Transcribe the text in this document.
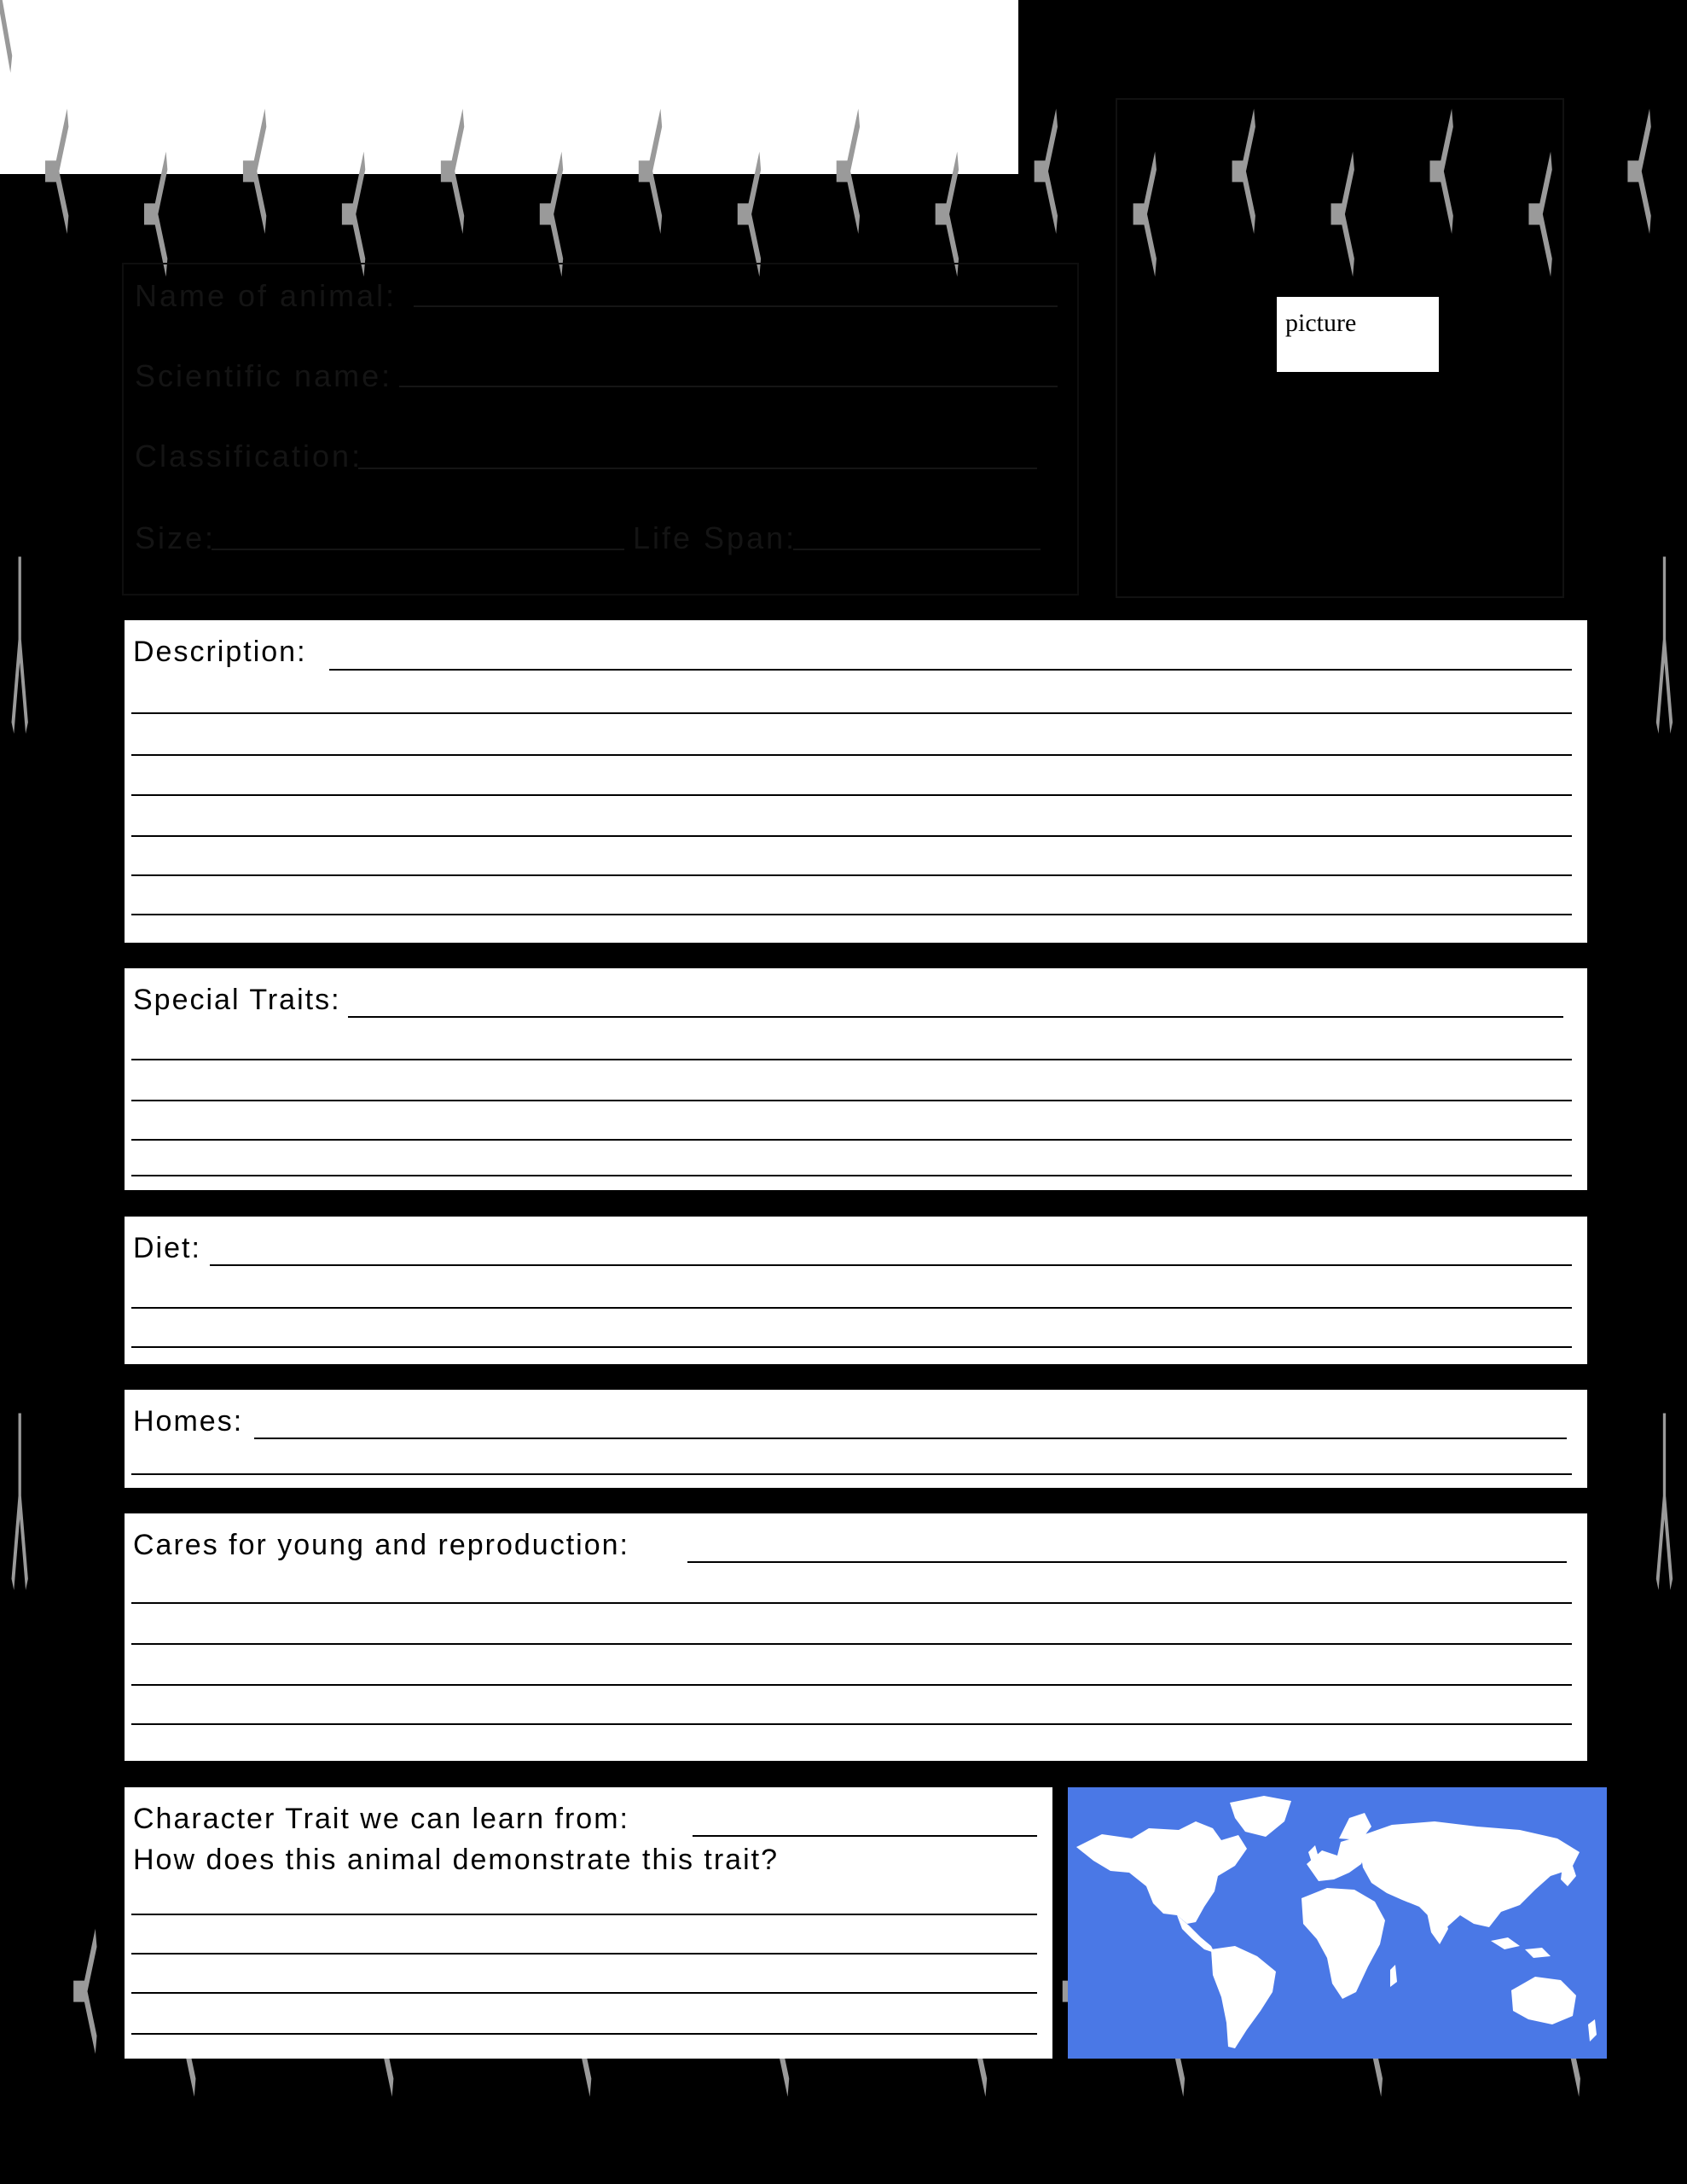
Name of animal:
Scientific name:
Classification:
Size:	Life Span:
picture
Description:
Special Traits:
Diet:
Homes:
Cares for young and reproduction:
Character Trait we can learn from:
How does this animal demonstrate this trait?
